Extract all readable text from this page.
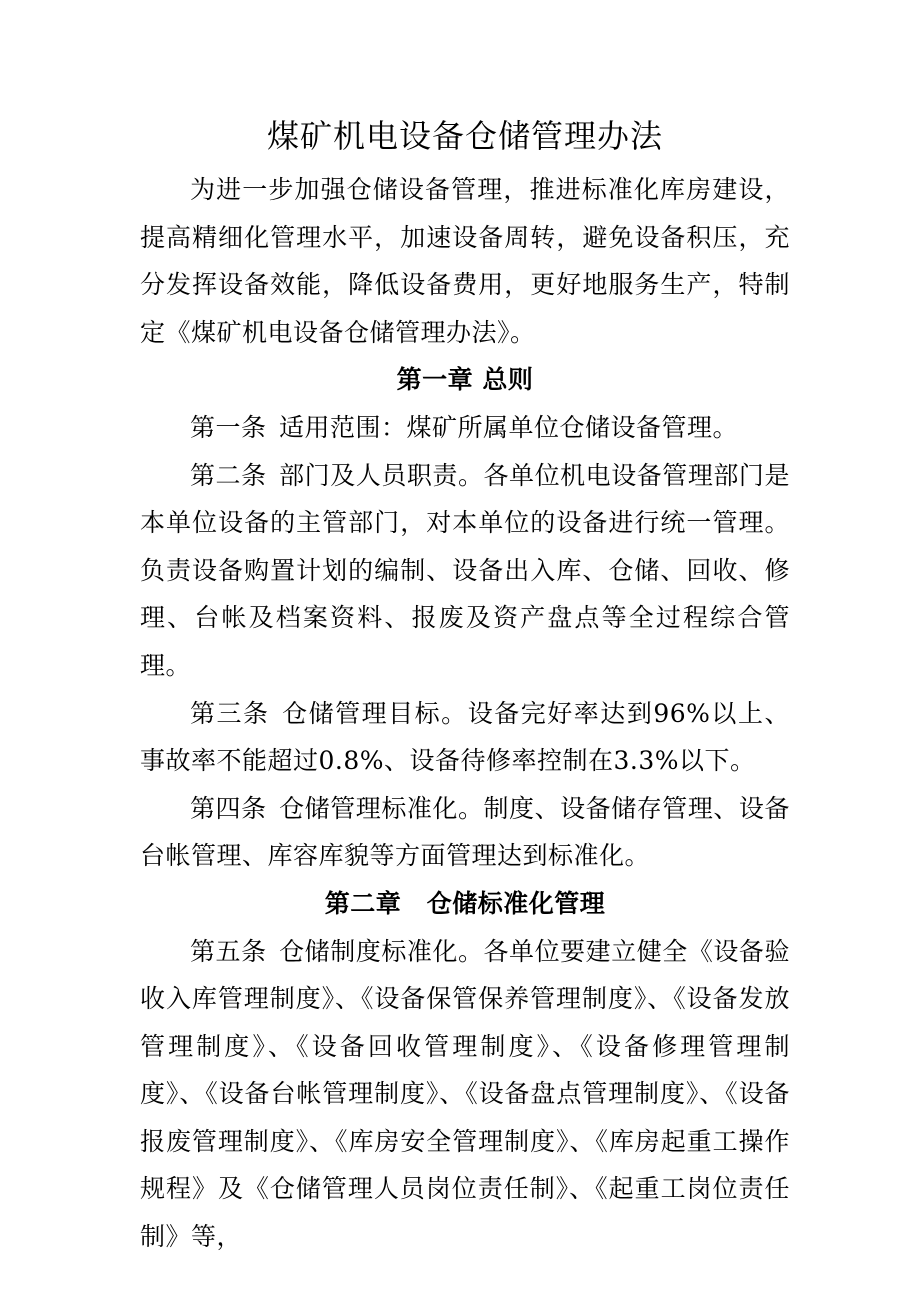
煤矿机电设备仓储管理办法

为进一步加强仓储设备管理，推进标准化库房建设，提高精细化管理水平，加速设备周转，避免设备积压，充分发挥设备效能，降低设备费用，更好地服务生产，特制定《煤矿机电设备仓储管理办法》。

第一章 总则

第一条 适用范围：煤矿所属单位仓储设备管理。

第二条 部门及人员职责。各单位机电设备管理部门是本单位设备的主管部门，对本单位的设备进行统一管理。负责设备购置计划的编制、设备出入库、仓储、回收、修理、台帐及档案资料、报废及资产盘点等全过程综合管理。

第三条 仓储管理目标。设备完好率达到96%以上、事故率不能超过0.8%、设备待修率控制在3.3%以下。

第四条 仓储管理标准化。制度、设备储存管理、设备台帐管理、库容库貌等方面管理达到标准化。

第二章　仓储标准化管理

第五条 仓储制度标准化。各单位要建立健全《设备验收入库管理制度》、《设备保管保养管理制度》、《设备发放管理制度》、《设备回收管理制度》、《设备修理管理制度》、《设备台帐管理制度》、《设备盘点管理制度》、《设备报废管理制度》、《库房安全管理制度》、《库房起重工操作规程》及《仓储管理人员岗位责任制》、《起重工岗位责任制》等，
